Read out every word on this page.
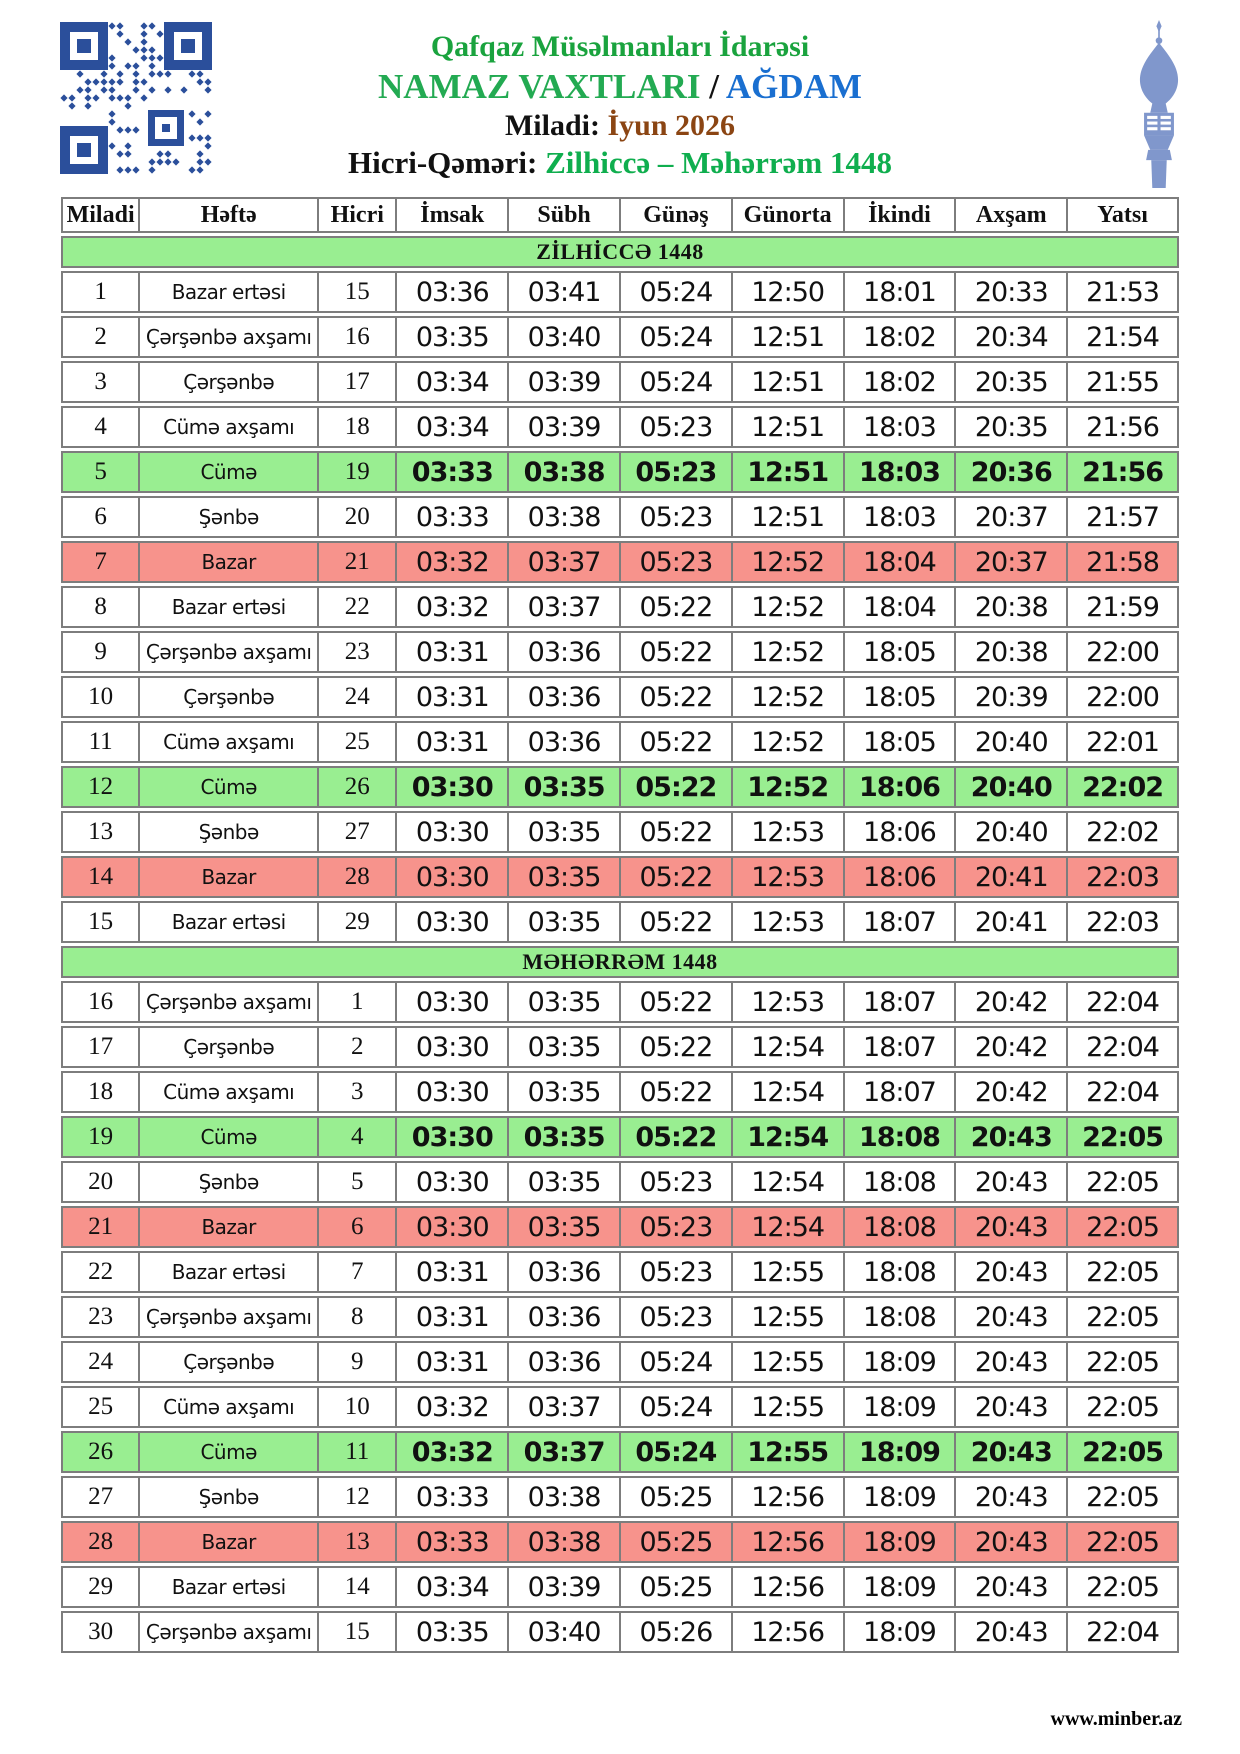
Qafqaz Müsəlmanları İdarəsi
NAMAZ VAXTLARI / AĞDAM
Miladi: İyun 2026
Hicri-Qəməri: Zilhiccə – Məhərrəm 1448
Miladi	Həftə	Hicri	İmsak	Sübh	Günəş	Günorta	İkindi	Axşam	Yatsı
ZİLHİCCƏ 1448									
1	Bazar ertəsi	15	03:36	03:41	05:24	12:50	18:01	20:33	21:53
2	Çərşənbə axşamı	16	03:35	03:40	05:24	12:51	18:02	20:34	21:54
3	Çərşənbə	17	03:34	03:39	05:24	12:51	18:02	20:35	21:55
4	Cümə axşamı	18	03:34	03:39	05:23	12:51	18:03	20:35	21:56
5	Cümə	19	03:33	03:38	05:23	12:51	18:03	20:36	21:56
6	Şənbə	20	03:33	03:38	05:23	12:51	18:03	20:37	21:57
7	Bazar	21	03:32	03:37	05:23	12:52	18:04	20:37	21:58
8	Bazar ertəsi	22	03:32	03:37	05:22	12:52	18:04	20:38	21:59
9	Çərşənbə axşamı	23	03:31	03:36	05:22	12:52	18:05	20:38	22:00
10	Çərşənbə	24	03:31	03:36	05:22	12:52	18:05	20:39	22:00
11	Cümə axşamı	25	03:31	03:36	05:22	12:52	18:05	20:40	22:01
12	Cümə	26	03:30	03:35	05:22	12:52	18:06	20:40	22:02
13	Şənbə	27	03:30	03:35	05:22	12:53	18:06	20:40	22:02
14	Bazar	28	03:30	03:35	05:22	12:53	18:06	20:41	22:03
15	Bazar ertəsi	29	03:30	03:35	05:22	12:53	18:07	20:41	22:03
MƏHƏRRƏM 1448									
16	Çərşənbə axşamı	1	03:30	03:35	05:22	12:53	18:07	20:42	22:04
17	Çərşənbə	2	03:30	03:35	05:22	12:54	18:07	20:42	22:04
18	Cümə axşamı	3	03:30	03:35	05:22	12:54	18:07	20:42	22:04
19	Cümə	4	03:30	03:35	05:22	12:54	18:08	20:43	22:05
20	Şənbə	5	03:30	03:35	05:23	12:54	18:08	20:43	22:05
21	Bazar	6	03:30	03:35	05:23	12:54	18:08	20:43	22:05
22	Bazar ertəsi	7	03:31	03:36	05:23	12:55	18:08	20:43	22:05
23	Çərşənbə axşamı	8	03:31	03:36	05:23	12:55	18:08	20:43	22:05
24	Çərşənbə	9	03:31	03:36	05:24	12:55	18:09	20:43	22:05
25	Cümə axşamı	10	03:32	03:37	05:24	12:55	18:09	20:43	22:05
26	Cümə	11	03:32	03:37	05:24	12:55	18:09	20:43	22:05
27	Şənbə	12	03:33	03:38	05:25	12:56	18:09	20:43	22:05
28	Bazar	13	03:33	03:38	05:25	12:56	18:09	20:43	22:05
29	Bazar ertəsi	14	03:34	03:39	05:25	12:56	18:09	20:43	22:05
30	Çərşənbə axşamı	15	03:35	03:40	05:26	12:56	18:09	20:43	22:04
www.minber.az
